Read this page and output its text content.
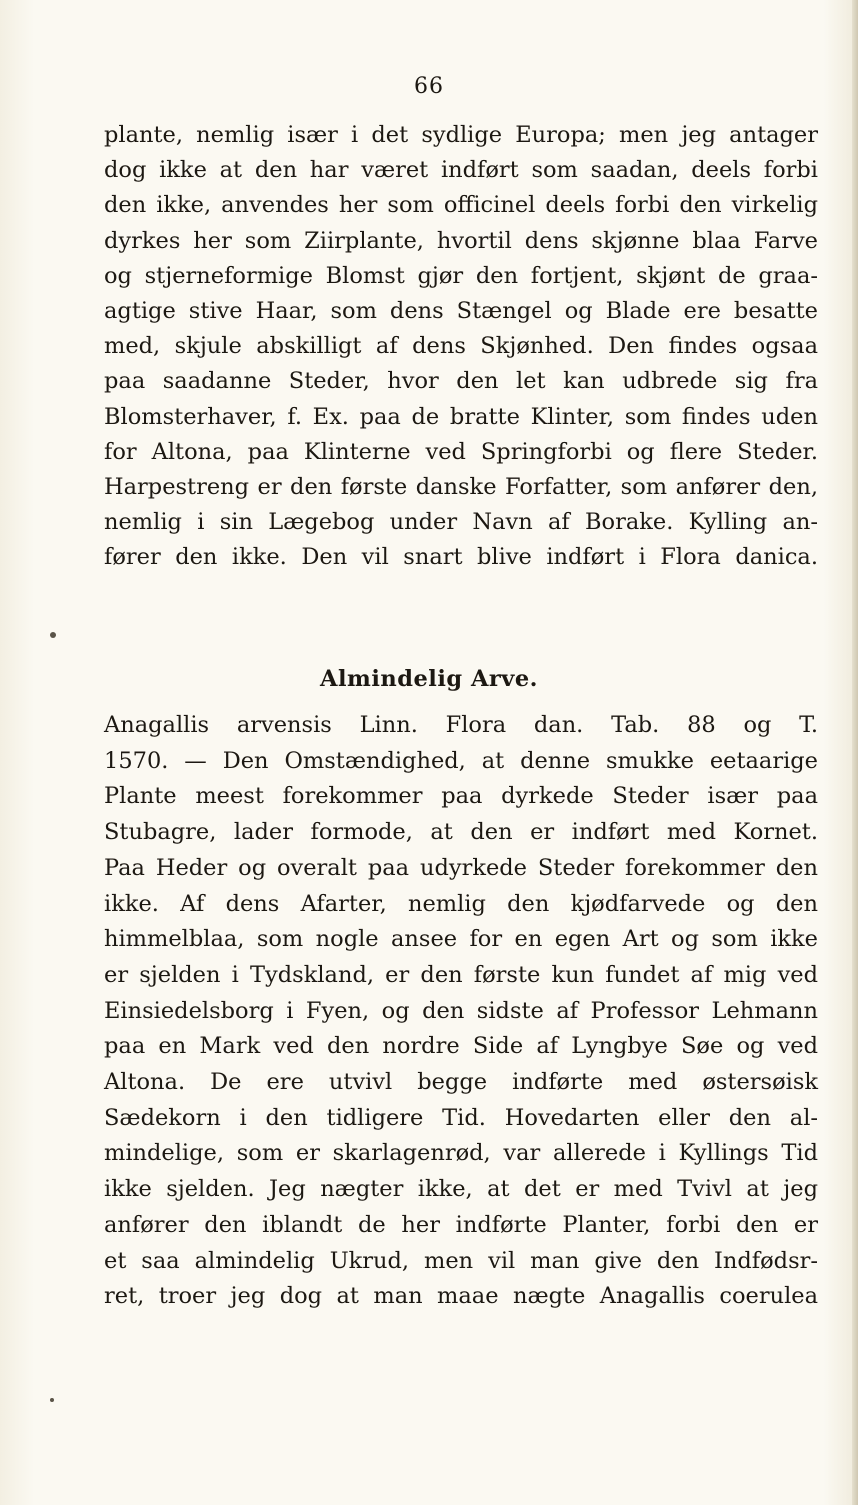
66
plante, nemlig især i det sydlige Europa; men jeg antager
dog ikke at den har været indført som saadan, deels forbi
den ikke, anvendes her som officinel deels forbi den virkelig
dyrkes her som Ziirplante, hvortil dens skjønne blaa Farve
og stjerneformige Blomst gjør den fortjent, skjønt de graa-
agtige stive Haar, som dens Stængel og Blade ere besatte
med, skjule abskilligt af dens Skjønhed. Den findes ogsaa
paa saadanne Steder, hvor den let kan udbrede sig fra
Blomsterhaver, f. Ex. paa de bratte Klinter, som findes uden
for Altona, paa Klinterne ved Springforbi og flere Steder.
Harpestreng er den første danske Forfatter, som anfører den,
nemlig i sin Lægebog under Navn af Borake. Kylling an-
fører den ikke. Den vil snart blive indført i Flora danica.
Almindelig Arve.
Anagallis arvensis Linn. Flora dan. Tab. 88 og T.
1570. — Den Omstændighed, at denne smukke eetaarige
Plante meest forekommer paa dyrkede Steder især paa
Stubagre, lader formode, at den er indført med Kornet.
Paa Heder og overalt paa udyrkede Steder forekommer den
ikke. Af dens Afarter, nemlig den kjødfarvede og den
himmelblaa, som nogle ansee for en egen Art og som ikke
er sjelden i Tydskland, er den første kun fundet af mig ved
Einsiedelsborg i Fyen, og den sidste af Professor Lehmann
paa en Mark ved den nordre Side af Lyngbye Søe og ved
Altona. De ere utvivl begge indførte med østersøisk
Sædekorn i den tidligere Tid. Hovedarten eller den al-
mindelige, som er skarlagenrød, var allerede i Kyllings Tid
ikke sjelden. Jeg nægter ikke, at det er med Tvivl at jeg
anfører den iblandt de her indførte Planter, forbi den er
et saa almindelig Ukrud, men vil man give den Indfødsr-
ret, troer jeg dog at man maae nægte Anagallis coerulea
